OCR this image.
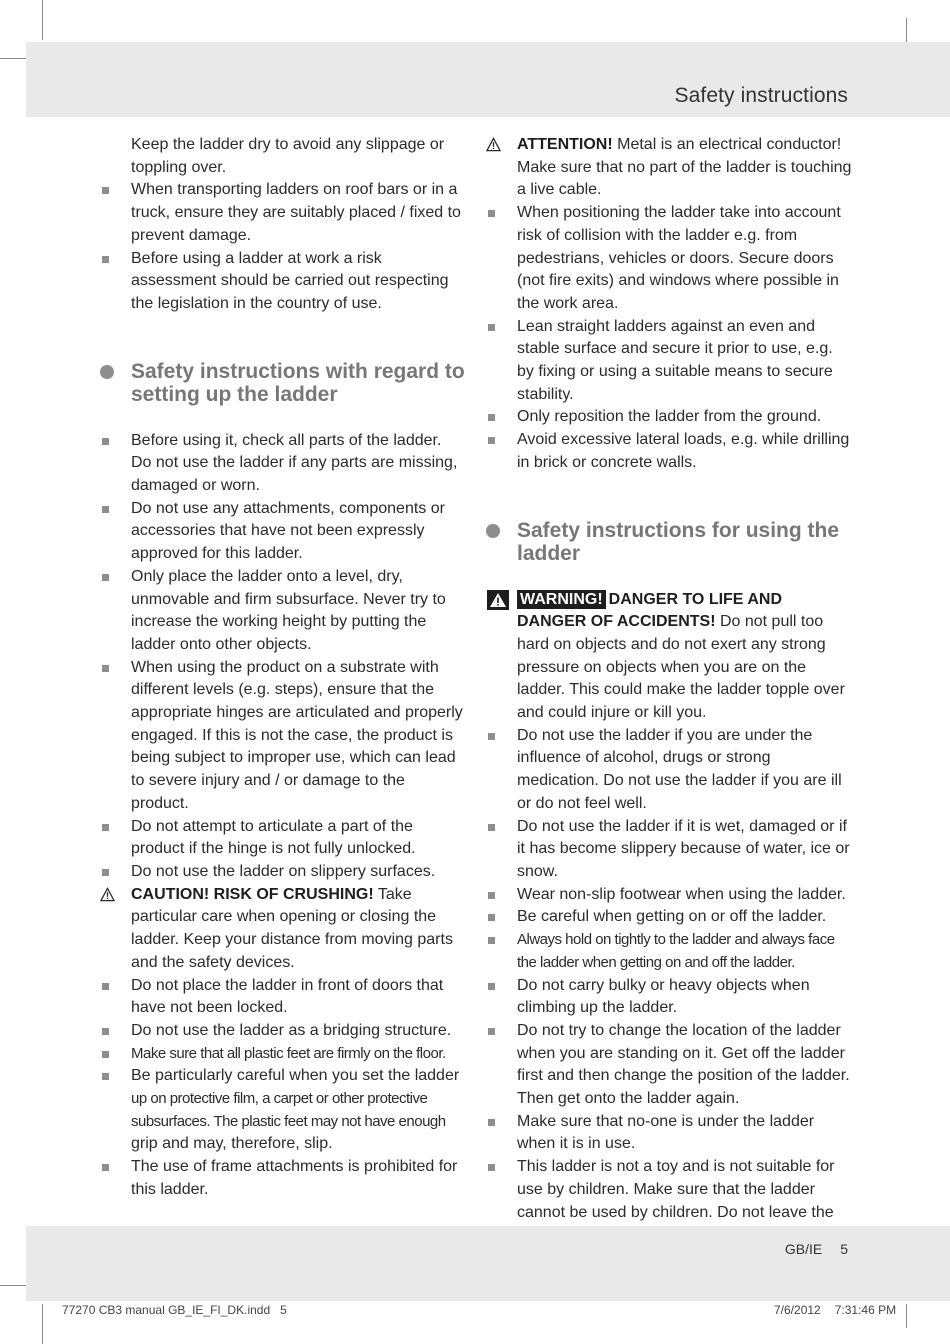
Safety instructions
Keep the ladder dry to avoid any slippage or toppling over.
When transporting ladders on roof bars or in a truck, ensure they are suitably placed / fixed to prevent damage.
Before using a ladder at work a risk assessment should be carried out respecting the legislation in the country of use.
Safety instructions with regard to setting up the ladder
Before using it, check all parts of the ladder. Do not use the ladder if any parts are missing, damaged or worn.
Do not use any attachments, components or accessories that have not been expressly approved for this ladder.
Only place the ladder onto a level, dry, unmovable and firm subsurface. Never try to increase the working height by putting the ladder onto other objects.
When using the product on a substrate with different levels (e.g. steps), ensure that the appropriate hinges are articulated and properly engaged. If this is not the case, the product is being subject to improper use, which can lead to severe injury and / or damage to the product.
Do not attempt to articulate a part of the product if the hinge is not fully unlocked.
Do not use the ladder on slippery surfaces.
CAUTION! RISK OF CRUSHING! Take particular care when opening or closing the ladder. Keep your distance from moving parts and the safety devices.
Do not place the ladder in front of doors that have not been locked.
Do not use the ladder as a bridging structure.
Make sure that all plastic feet are firmly on the floor.
Be particularly careful when you set the ladder up on protective film, a carpet or other protective subsurfaces. The plastic feet may not have enough grip and may, therefore, slip.
The use of frame attachments is prohibited for this ladder.
ATTENTION! Metal is an electrical conductor! Make sure that no part of the ladder is touching a live cable.
When positioning the ladder take into account risk of collision with the ladder e.g. from pedestrians, vehicles or doors. Secure doors (not fire exits) and windows where possible in the work area.
Lean straight ladders against an even and stable surface and secure it prior to use, e.g. by fixing or using a suitable means to secure stability.
Only reposition the ladder from the ground.
Avoid excessive lateral loads, e.g. while drilling in brick or concrete walls.
Safety instructions for using the ladder
WARNING! DANGER TO LIFE AND DANGER OF ACCIDENTS! Do not pull too hard on objects and do not exert any strong pressure on objects when you are on the ladder. This could make the ladder topple over and could injure or kill you.
Do not use the ladder if you are under the influence of alcohol, drugs or strong medication. Do not use the ladder if you are ill or do not feel well.
Do not use the ladder if it is wet, damaged or if it has become slippery because of water, ice or snow.
Wear non-slip footwear when using the ladder.
Be careful when getting on or off the ladder.
Always hold on tightly to the ladder and always face the ladder when getting on and off the ladder.
Do not carry bulky or heavy objects when climbing up the ladder.
Do not try to change the location of the ladder when you are standing on it. Get off the ladder first and then change the position of the ladder. Then get onto the ladder again.
Make sure that no-one is under the ladder when it is in use.
This ladder is not a toy and is not suitable for use by children. Make sure that the ladder cannot be used by children. Do not leave the
GB/IE 5
77270 CB3 manual GB_IE_FI_DK.indd   5	7/6/2012 7:31:46 PM
